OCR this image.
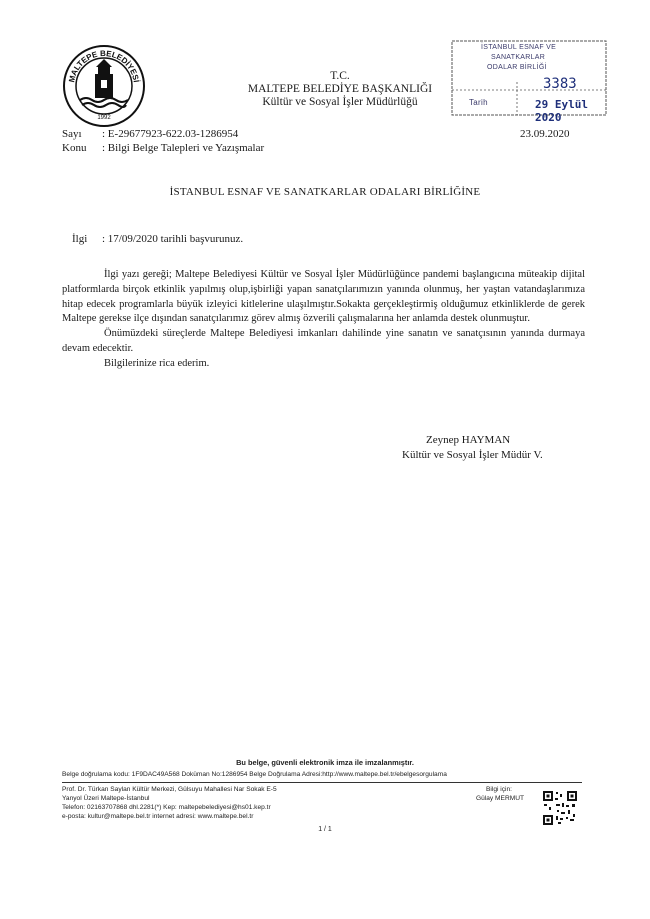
MALTEPE BELEDİYESİ
1992
T.C.
MALTEPE BELEDİYE BAŞKANLIĞI
Kültür ve Sosyal İşler Müdürlüğü
İSTANBUL ESNAF VE
SANATKARLAR
ODALAR BİRLİĞİ
Tarih
3383
29 Eylül 2020
Sayı : E-29677923-622.03-1286954
Konu : Bilgi Belge Talepleri ve Yazışmalar
23.09.2020
İSTANBUL ESNAF VE SANATKARLAR ODALARI BİRLİĞİNE
İlgi : 17/09/2020 tarihli başvurunuz.

İlgi yazı gereği; Maltepe Belediyesi Kültür ve Sosyal İşler Müdürlüğünce pandemi başlangıcına müteakip dijital platformlarda birçok etkinlik yapılmış olup,işbirliği yapan sanatçılarımızın yanında olunmuş, her yaştan vatandaşlarımıza hitap edecek programlarla büyük izleyici kitlelerine ulaşılmıştır.Sokakta gerçekleştirmiş olduğumuz etkinliklerde de gerek Maltepe gerekse ilçe dışından sanatçılarımız görev almış özverili çalışmalarına her anlamda destek olunmuştur.

Önümüzdeki süreçlerde Maltepe Belediyesi imkanları dahilinde yine sanatın ve sanatçısının yanında durmaya devam edecektir.

Bilgilerinize rica ederim.

Zeynep HAYMAN
Kültür ve Sosyal İşler Müdür V.
Bu belge, güvenli elektronik imza ile imzalanmıştır.
Belge doğrulama kodu: 1F9DAC49A568 Doküman No:1286954 Belge Doğrulama Adresi:http://www.maltepe.bel.tr/ebelgesorgulama
Prof. Dr. Türkan Saylan Kültür Merkezi, Gülsuyu Mahallesi Nar Sokak E-5
Yanyol Üzeri Maltepe-İstanbul
Telefon: 02163707868 dhl.2281(*) Kep: maltepebelediyesi@hs01.kep.tr
e-posta: kultur@maltepe.bel.tr internet adresi: www.maltepe.bel.tr
Bilgi için:
Gülay MERMUT
1 / 1
